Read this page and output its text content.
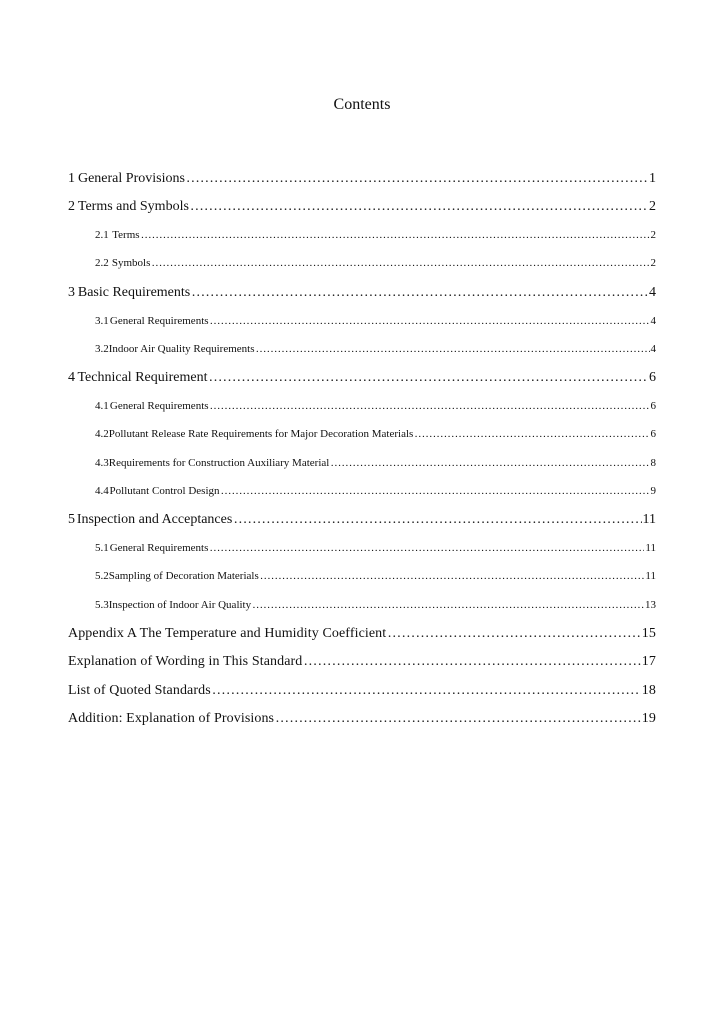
Contents
1 General Provisions ……………………………………………………………………………………………………………………………………………………………………………………………………………………………………	1
2 Terms and Symbols ……………………………………………………………………………………………………………………………………………………………………………………………………………………………………	2
2.1 Terms ……………………………………………………………………………………………………………………………………………………………………………………………………………………………………	2
2.2 Symbols ……………………………………………………………………………………………………………………………………………………………………………………………………………………………………	2
3 Basic Requirements ……………………………………………………………………………………………………………………………………………………………………………………………………………………………………	4
3.1 General Requirements ……………………………………………………………………………………………………………………………………………………………………………………………………………………………………	4
3.2 Indoor Air Quality Requirements ……………………………………………………………………………………………………………………………………………………………………………………………………………………………………	4
4 Technical Requirement ……………………………………………………………………………………………………………………………………………………………………………………………………………………………………	6
4.1 General Requirements ……………………………………………………………………………………………………………………………………………………………………………………………………………………………………	6
4.2 Pollutant Release Rate Requirements for Major Decoration Materials ……………………………………………………………………………………………………………………………………………………………………………………………………………………………………	6
4.3 Requirements for Construction Auxiliary Material ……………………………………………………………………………………………………………………………………………………………………………………………………………………………………	8
4.4 Pollutant Control Design ……………………………………………………………………………………………………………………………………………………………………………………………………………………………………	9
5 Inspection and Acceptances ……………………………………………………………………………………………………………………………………………………………………………………………………………………………………	11
5.1 General Requirements ……………………………………………………………………………………………………………………………………………………………………………………………………………………………………	11
5.2 Sampling of Decoration Materials ……………………………………………………………………………………………………………………………………………………………………………………………………………………………………	11
5.3 Inspection of Indoor Air Quality ……………………………………………………………………………………………………………………………………………………………………………………………………………………………………	13
Appendix A The Temperature and Humidity Coefficient ……………………………………………………………………………………………………………………………………………………………………………………………………………………………………	15
Explanation of Wording in This Standard ……………………………………………………………………………………………………………………………………………………………………………………………………………………………………	17
List of Quoted Standards ……………………………………………………………………………………………………………………………………………………………………………………………………………………………………	18
Addition: Explanation of Provisions ……………………………………………………………………………………………………………………………………………………………………………………………………………………………………	19
